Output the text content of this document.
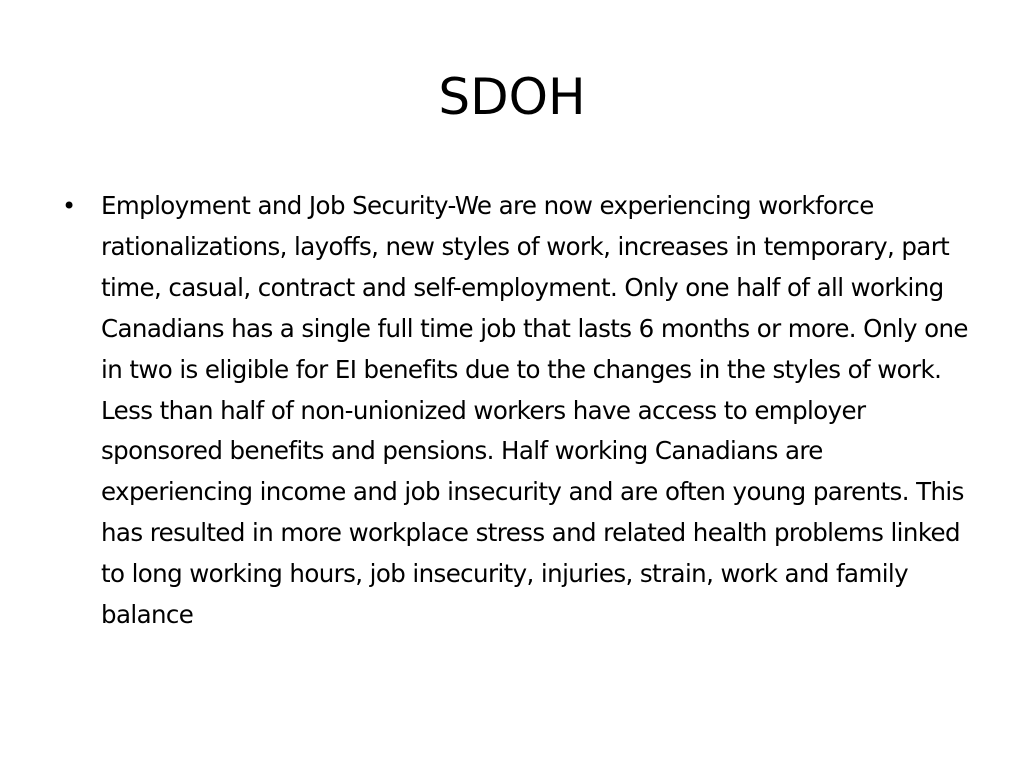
SDOH
• Employment and Job Security-We are now experiencing workforce rationalizations, layoffs, new styles of work, increases in temporary, part time, casual, contract and self-employment. Only one half of all working Canadians has a single full time job that lasts 6 months or more. Only one in two is eligible for EI benefits due to the changes in the styles of work. Less than half of non-unionized workers have access to employer sponsored benefits and pensions. Half working Canadians are experiencing income and job insecurity and are often young parents. This has resulted in more workplace stress and related health problems linked to long working hours, job insecurity, injuries, strain, work and family balance
